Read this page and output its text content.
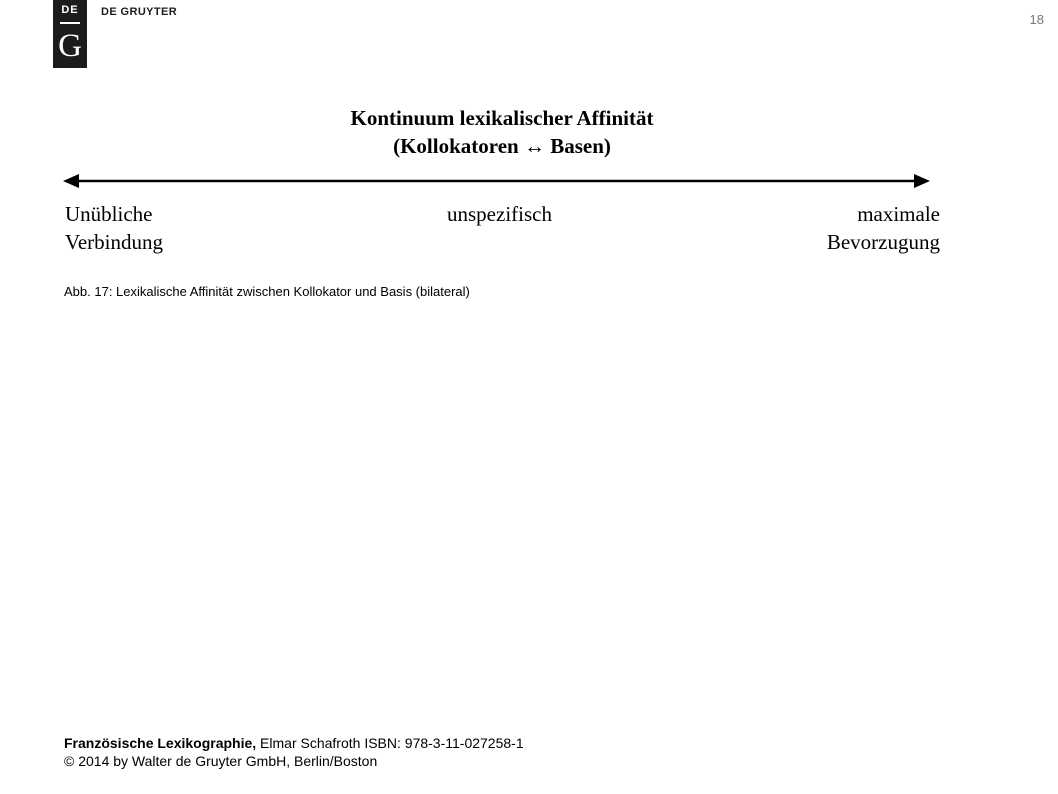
DE
G
DE GRUYTER	18
Kontinuum lexikalischer Affinität
(Kollokatoren ↔ Basen)
Unübliche
Verbindung
unspezifisch	maximale
Bevorzugung
Abb. 17: Lexikalische Affinität zwischen Kollokator und Basis (bilateral)
Französische Lexikographie, Elmar Schafroth ISBN: 978-3-11-027258-1
© 2014 by Walter de Gruyter GmbH, Berlin/Boston
